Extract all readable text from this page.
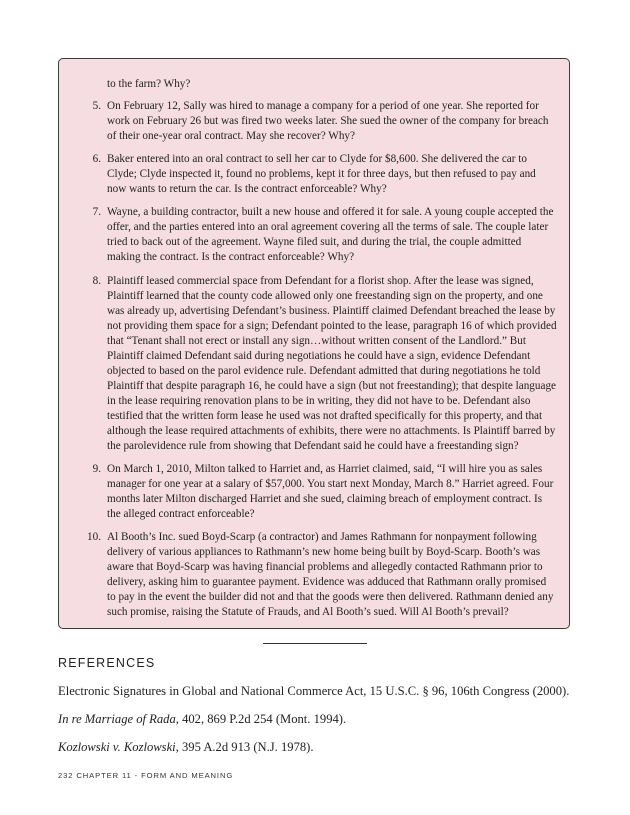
to the farm? Why?

5. On February 12, Sally was hired to manage a company for a period of one year. She reported for work on February 26 but was fired two weeks later. She sued the owner of the company for breach of their one-year oral contract. May she recover? Why?
6. Baker entered into an oral contract to sell her car to Clyde for $8,600. She delivered the car to Clyde; Clyde inspected it, found no problems, kept it for three days, but then refused to pay and now wants to return the car. Is the contract enforceable? Why?
7. Wayne, a building contractor, built a new house and offered it for sale. A young couple accepted the offer, and the parties entered into an oral agreement covering all the terms of sale. The couple later tried to back out of the agreement. Wayne filed suit, and during the trial, the couple admitted making the contract. Is the contract enforceable? Why?
8. Plaintiff leased commercial space from Defendant for a florist shop. After the lease was signed, Plaintiff learned that the county code allowed only one freestanding sign on the property, and one was already up, advertising Defendant’s business. Plaintiff claimed Defendant breached the lease by not providing them space for a sign; Defendant pointed to the lease, paragraph 16 of which provided that “Tenant shall not erect or install any sign…without written consent of the Landlord.” But Plaintiff claimed Defendant said during negotiations he could have a sign, evidence Defendant objected to based on the parol evidence rule. Defendant admitted that during negotiations he told Plaintiff that despite paragraph 16, he could have a sign (but not freestanding); that despite language in the lease requiring renovation plans to be in writing, they did not have to be. Defendant also testified that the written form lease he used was not drafted specifically for this property, and that although the lease required attachments of exhibits, there were no attachments. Is Plaintiff barred by the parolevidence rule from showing that Defendant said he could have a freestanding sign?
9. On March 1, 2010, Milton talked to Harriet and, as Harriet claimed, said, “I will hire you as sales manager for one year at a salary of $57,000. You start next Monday, March 8.” Harriet agreed. Four months later Milton discharged Harriet and she sued, claiming breach of employment contract. Is the alleged contract enforceable?
10. Al Booth’s Inc. sued Boyd-Scarp (a contractor) and James Rathmann for nonpayment following delivery of various appliances to Rathmann’s new home being built by Boyd-Scarp. Booth’s was aware that Boyd-Scarp was having financial problems and allegedly contacted Rathmann prior to delivery, asking him to guarantee payment. Evidence was adduced that Rathmann orally promised to pay in the event the builder did not and that the goods were then delivered. Rathmann denied any such promise, raising the Statute of Frauds, and Al Booth’s sued. Will Al Booth’s prevail?
REFERENCES

Electronic Signatures in Global and National Commerce Act, 15 U.S.C. § 96, 106th Congress (2000).

In re Marriage of Rada, 402, 869 P.2d 254 (Mont. 1994).

Kozlowski v. Kozlowski, 395 A.2d 913 (N.J. 1978).

232 CHAPTER 11 - FORM AND MEANING
